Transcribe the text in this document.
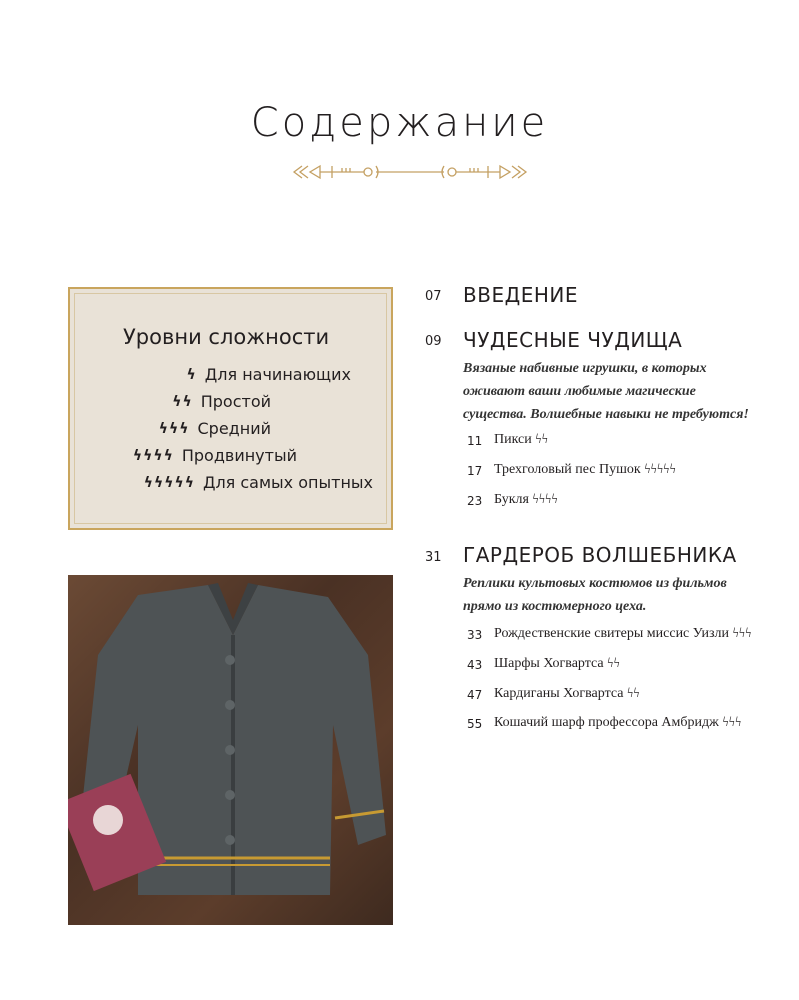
Содержание
Уровни сложности
ϟ Для начинающих
ϟϟ Простой
ϟϟϟ Средний
ϟϟϟϟ Продвинутый
ϟϟϟϟϟ Для самых опытных
07 ВВЕДЕНИЕ
09 ЧУДЕСНЫЕ ЧУДИЩА
Вязаные набивные игрушки, в которых
оживают ваши любимые магические
существа. Волшебные навыки не требуются!
11 Пикси ϟϟ
17 Трехголовый пес Пушок ϟϟϟϟϟ
23 Букля ϟϟϟϟ
31 ГАРДЕРОБ ВОЛШЕБНИКА
Реплики культовых костюмов из фильмов
прямо из костюмерного цеха.
33 Рождественские свитеры миссис Уизли ϟϟϟ
43 Шарфы Хогвартса ϟϟ
47 Кардиганы Хогвартса ϟϟ
55 Кошачий шарф профессора Амбридж ϟϟϟ
